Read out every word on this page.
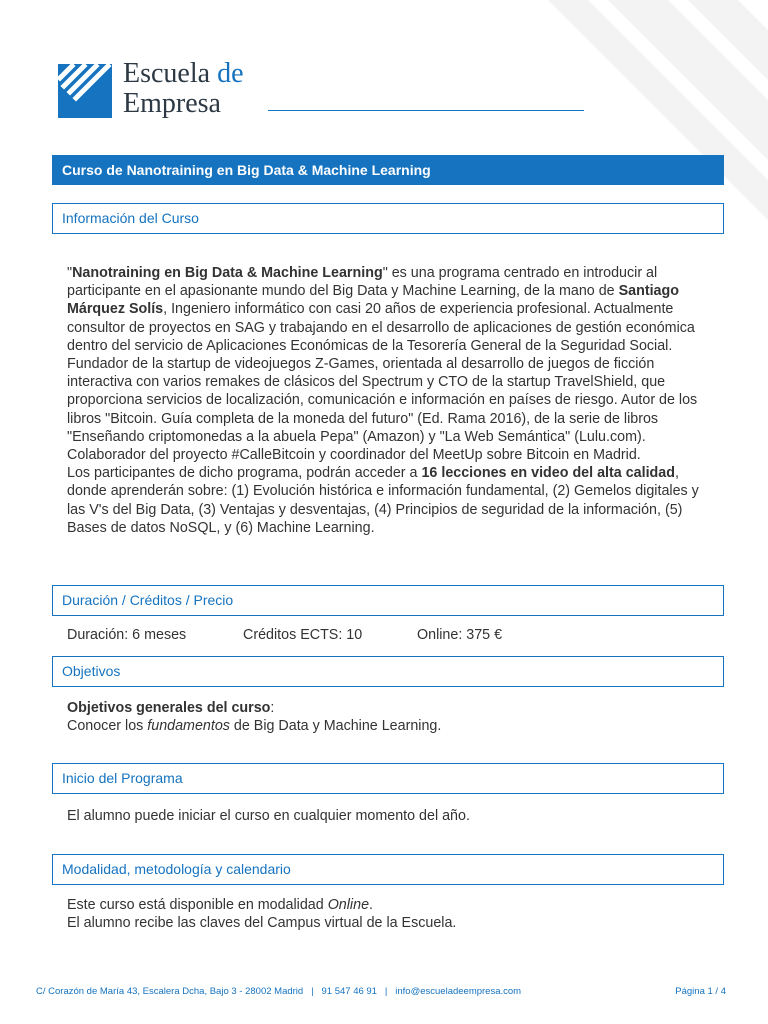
Escuela de
Empresa
Curso de Nanotraining en Big Data & Machine Learning
Información del Curso
"Nanotraining en Big Data & Machine Learning" es una programa centrado en introducir al participante en el apasionante mundo del Big Data y Machine Learning, de la mano de Santiago Márquez Solís, Ingeniero informático con casi 20 años de experiencia profesional. Actualmente consultor de proyectos en SAG y trabajando en el desarrollo de aplicaciones de gestión económica dentro del servicio de Aplicaciones Económicas de la Tesorería General de la Seguridad Social. Fundador de la startup de videojuegos Z-Games, orientada al desarrollo de juegos de ficción interactiva con varios remakes de clásicos del Spectrum y CTO de la startup TravelShield, que proporciona servicios de localización, comunicación e información en países de riesgo. Autor de los libros "Bitcoin. Guía completa de la moneda del futuro" (Ed. Rama 2016), de la serie de libros "Enseñando criptomonedas a la abuela Pepa" (Amazon) y "La Web Semántica" (Lulu.com). Colaborador del proyecto #CalleBitcoin y coordinador del MeetUp sobre Bitcoin en Madrid.
Los participantes de dicho programa, podrán acceder a 16 lecciones en video del alta calidad, donde aprenderán sobre: (1) Evolución histórica e información fundamental, (2) Gemelos digitales y las V's del Big Data, (3) Ventajas y desventajas, (4) Principios de seguridad de la información, (5) Bases de datos NoSQL, y (6) Machine Learning.
Duración / Créditos / Precio
Duración: 6 meses	Créditos ECTS: 10	Online: 375 €
Objetivos
Objetivos generales del curso:
Conocer los fundamentos de Big Data y Machine Learning.
Inicio del Programa
El alumno puede iniciar el curso en cualquier momento del año.
Modalidad, metodología y calendario
Este curso está disponible en modalidad Online.
El alumno recibe las claves del Campus virtual de la Escuela.
C/ Corazón de María 43, Escalera Dcha, Bajo 3 - 28002 Madrid   |   91 547 46 91   |   info@escueladeempresa.com	Página 1 / 4
